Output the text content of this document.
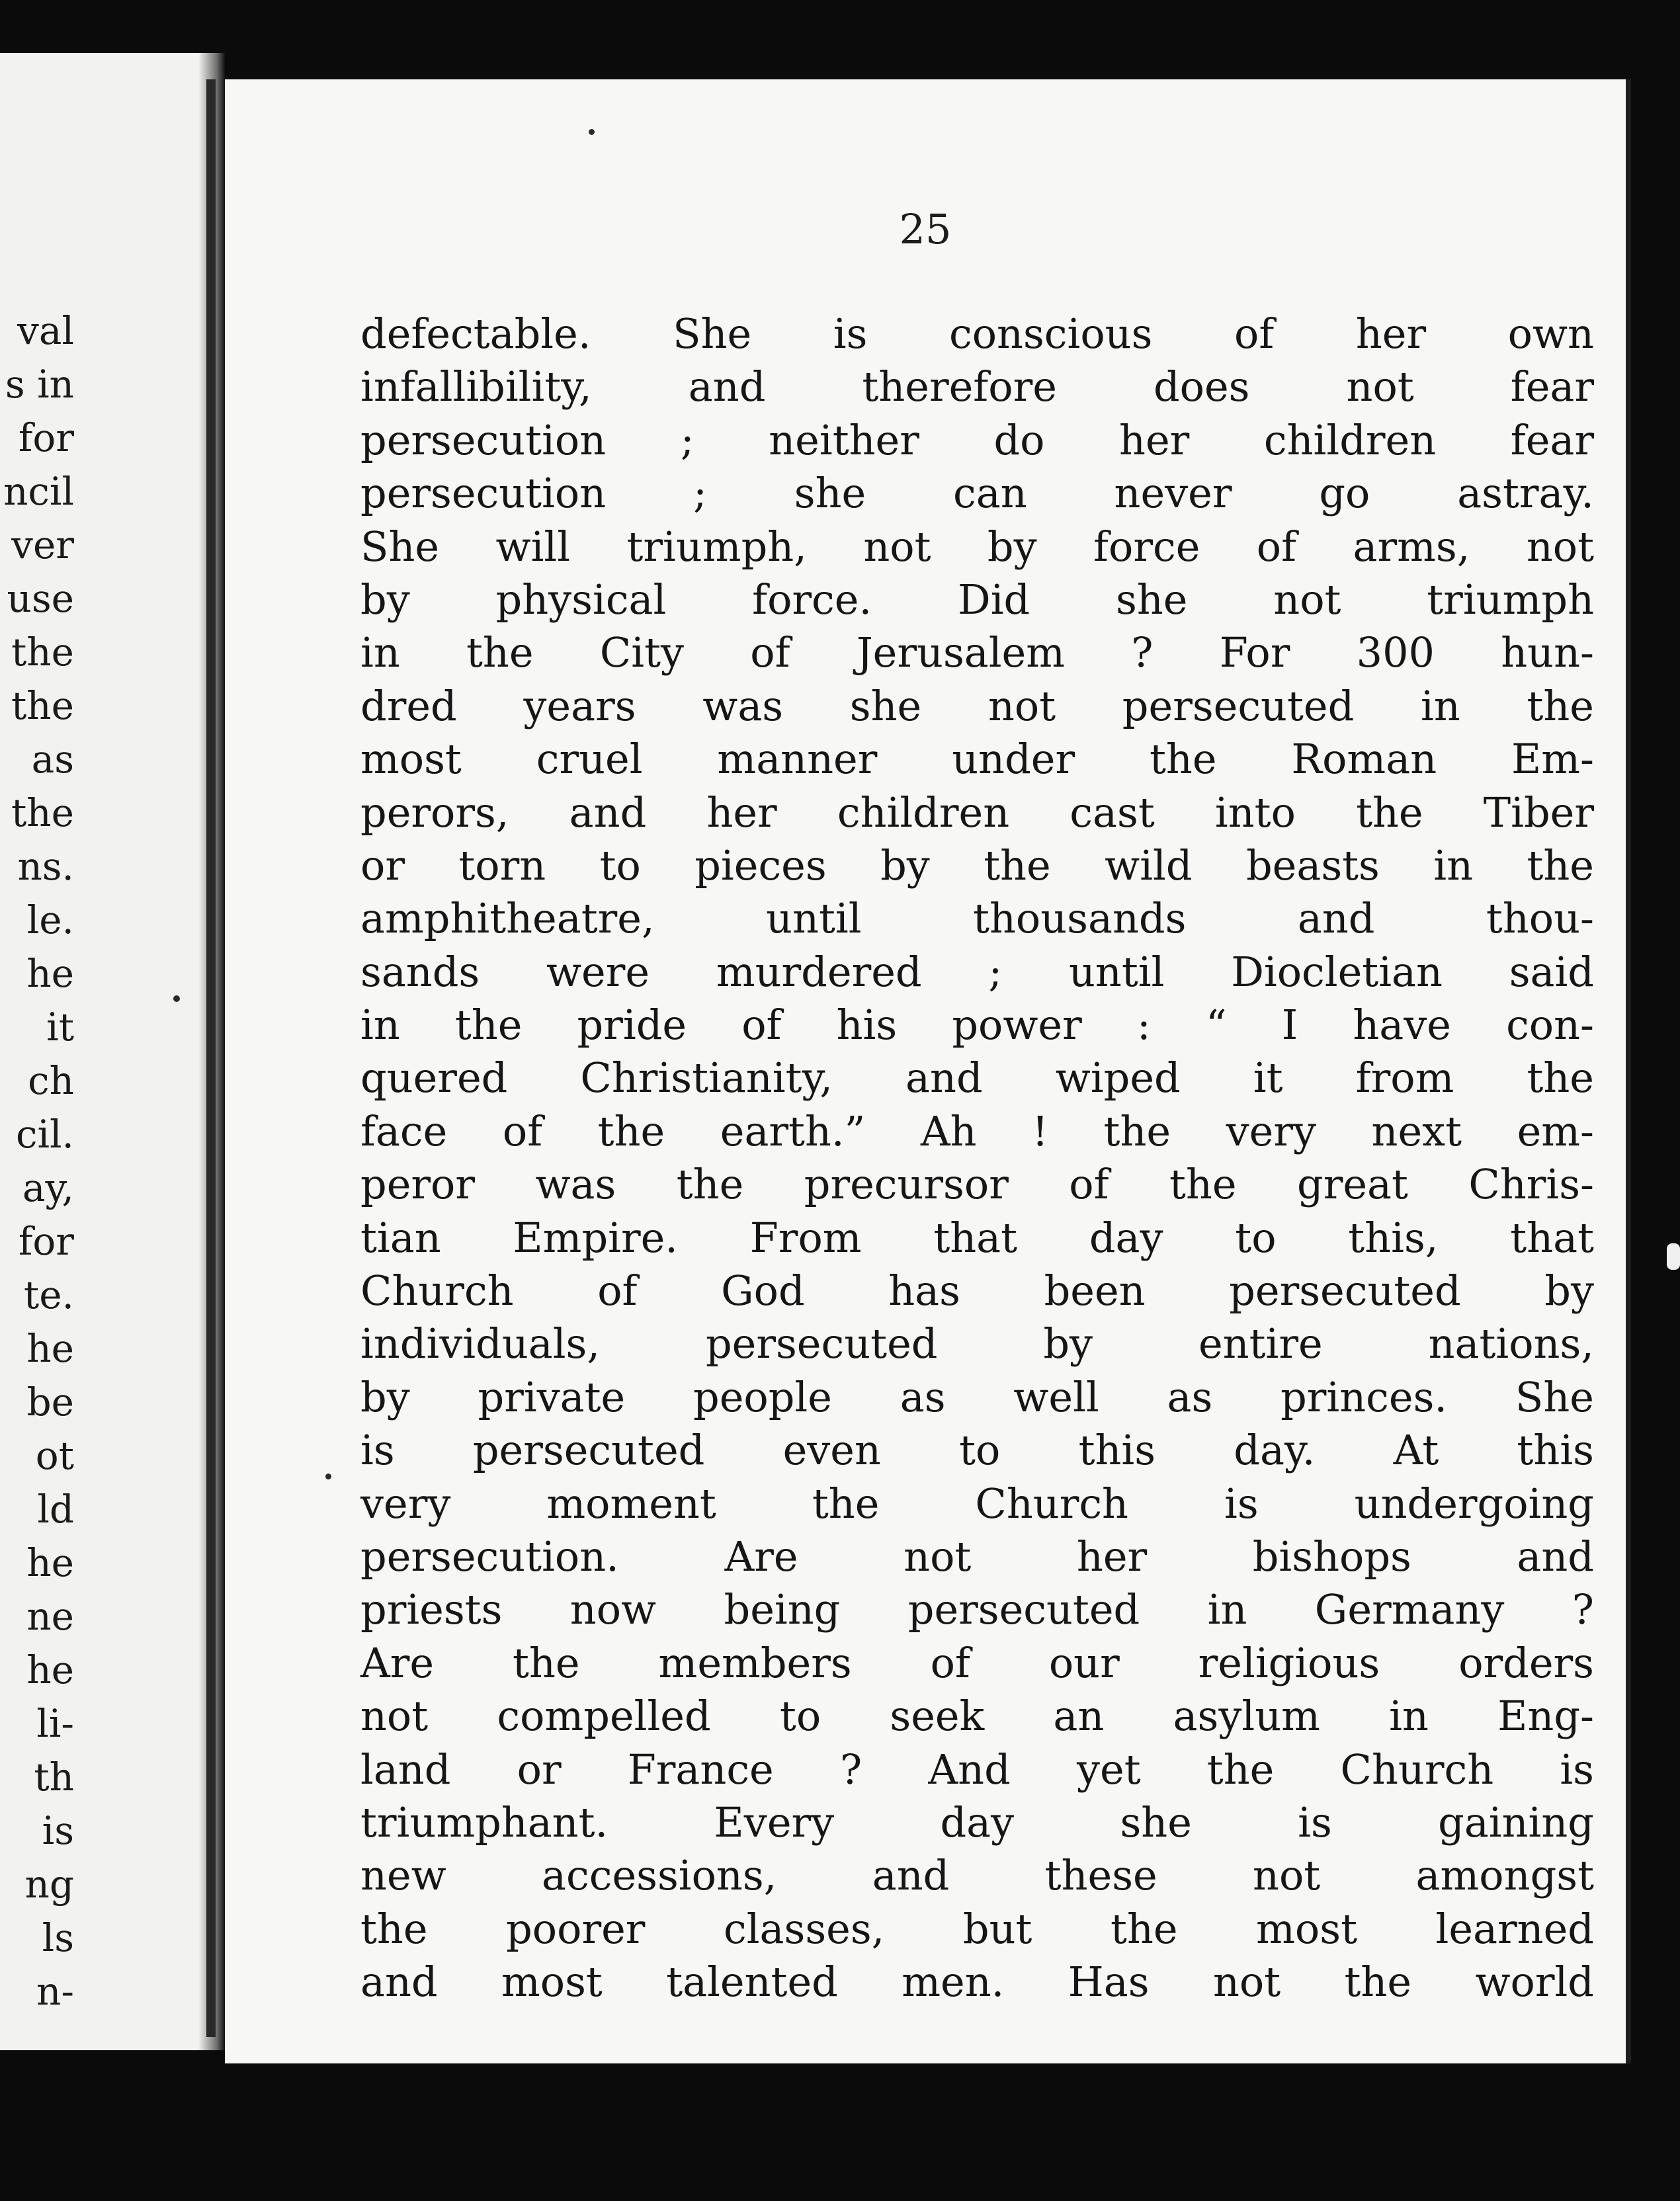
val
s in
for
ncil
ver
use
the
the
as
the
ns.
le.
he
it
ch
cil.
ay,
for
te.
he
be
ot
ld
he
ne
he
li-
th
is
ng
ls
n-

25

defectable. She is conscious of her own
infallibility, and therefore does not fear
persecution ; neither do her children fear
persecution ; she can never go astray.
She will triumph, not by force of arms, not
by physical force. Did she not triumph
in the City of Jerusalem ? For 300 hun-
dred years was she not persecuted in the
most cruel manner under the Roman Em-
perors, and her children cast into the Tiber
or torn to pieces by the wild beasts in the
amphitheatre, until thousands and thou-
sands were murdered ; until Diocletian said
in the pride of his power : “ I have con-
quered Christianity, and wiped it from the
face of the earth.” Ah ! the very next em-
peror was the precursor of the great Chris-
tian Empire. From that day to this, that
Church of God has been persecuted by
individuals, persecuted by entire nations,
by private people as well as princes. She
is persecuted even to this day. At this
very moment the Church is undergoing
persecution. Are not her bishops and
priests now being persecuted in Germany ?
Are the members of our religious orders
not compelled to seek an asylum in Eng-
land or France ? And yet the Church is
triumphant. Every day she is gaining
new accessions, and these not amongst
the poorer classes, but the most learned
and most talented men. Has not the world
